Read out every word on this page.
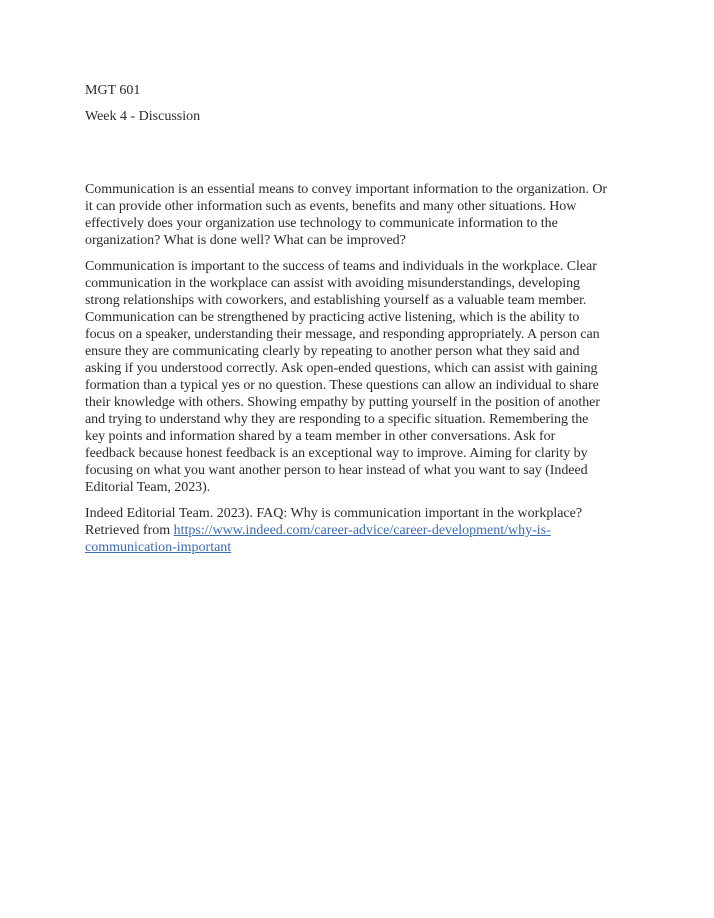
MGT 601

Week 4 - Discussion

Communication is an essential means to convey important information to the organization. Or
it can provide other information such as events, benefits and many other situations. How
effectively does your organization use technology to communicate information to the
organization? What is done well? What can be improved?
Communication is important to the success of teams and individuals in the workplace. Clear
communication in the workplace can assist with avoiding misunderstandings, developing
strong relationships with coworkers, and establishing yourself as a valuable team member.
Communication can be strengthened by practicing active listening, which is the ability to
focus on a speaker, understanding their message, and responding appropriately. A person can
ensure they are communicating clearly by repeating to another person what they said and
asking if you understood correctly. Ask open-ended questions, which can assist with gaining
formation than a typical yes or no question. These questions can allow an individual to share
their knowledge with others. Showing empathy by putting yourself in the position of another
and trying to understand why they are responding to a specific situation. Remembering the
key points and information shared by a team member in other conversations. Ask for
feedback because honest feedback is an exceptional way to improve. Aiming for clarity by
focusing on what you want another person to hear instead of what you want to say (Indeed
Editorial Team, 2023).
Indeed Editorial Team. 2023). FAQ: Why is communication important in the workplace?
Retrieved from https://www.indeed.com/career-advice/career-development/why-is-
communication-important
